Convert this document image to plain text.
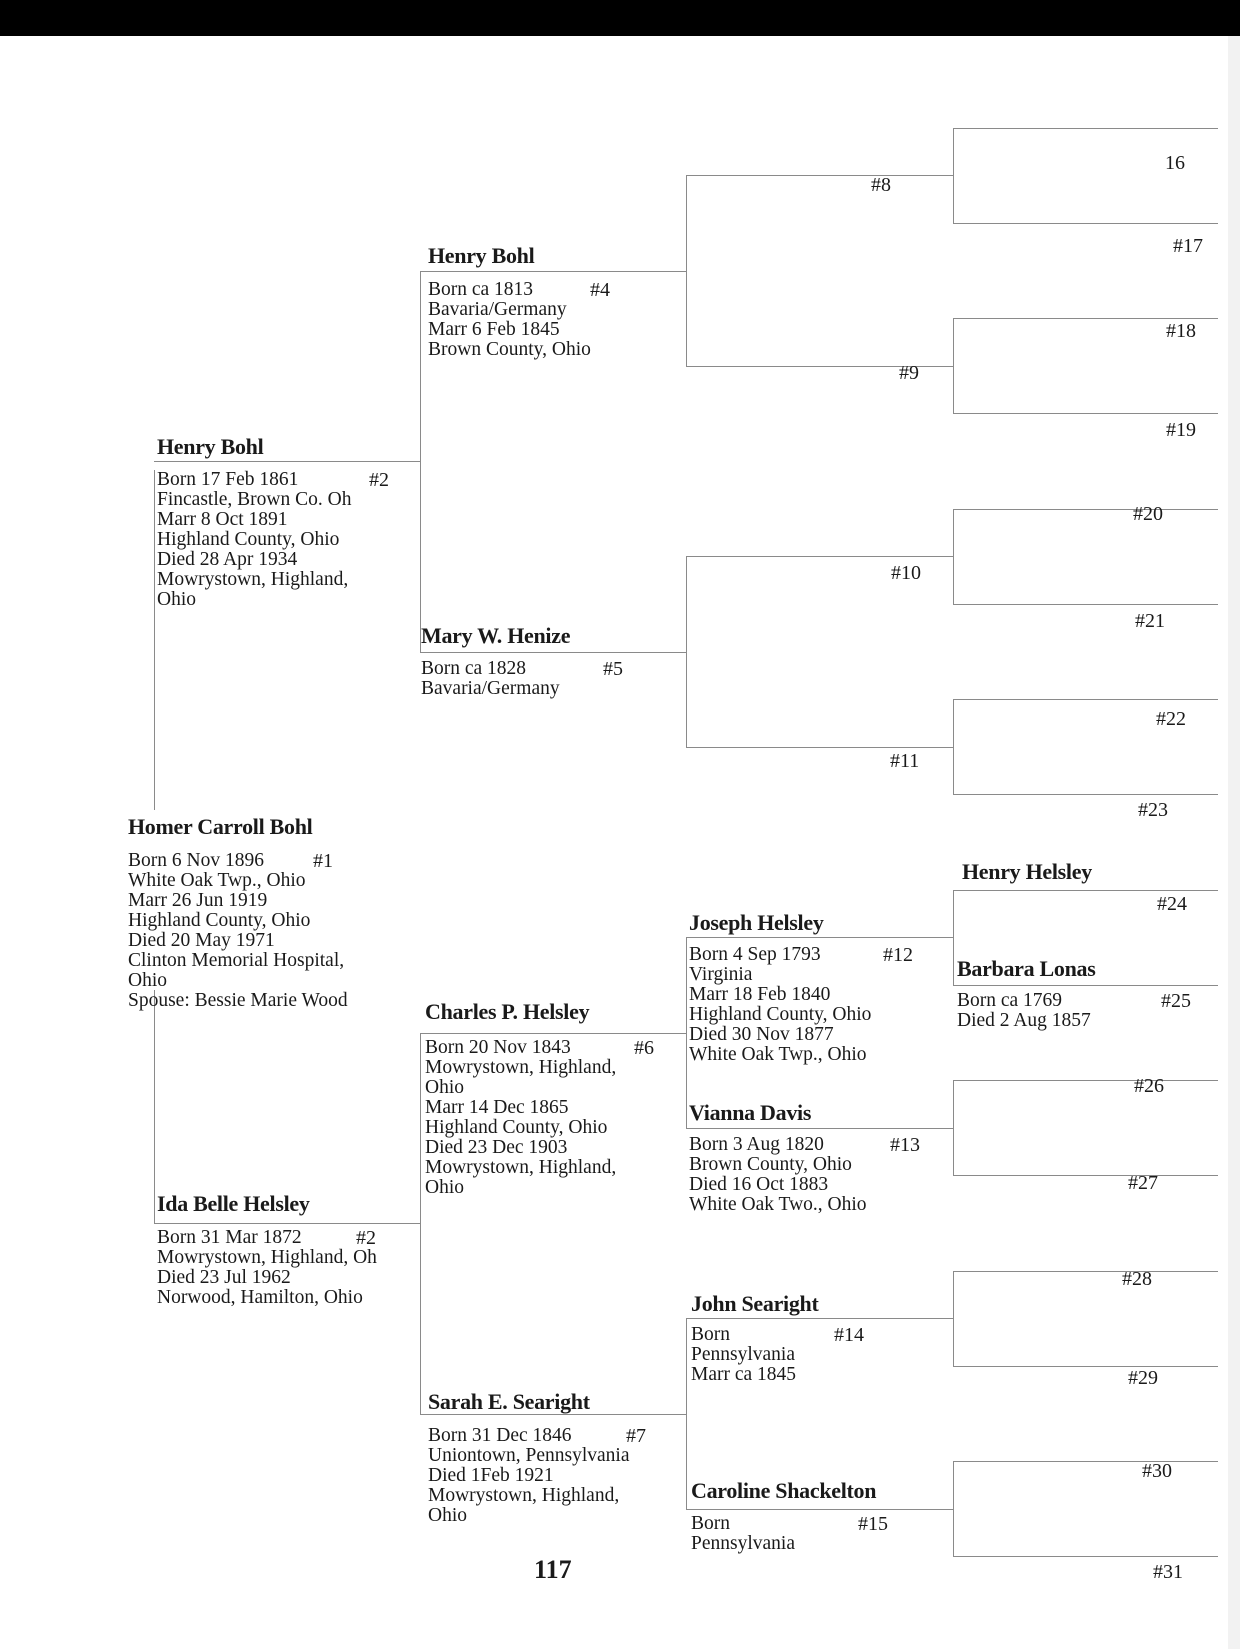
Homer Carroll Bohl
Born 6 Nov 1896
White Oak Twp., Ohio
Marr 26 Jun 1919
Highland County, Ohio
Died 20 May 1971
Clinton Memorial Hospital,
Ohio
Spouse: Bessie Marie Wood
#1
Henry Bohl
Born 17 Feb 1861
Fincastle, Brown Co. Oh
Marr 8 Oct 1891
Highland County, Ohio
Died 28 Apr 1934
Mowrystown, Highland,
Ohio
#2
Ida Belle Helsley
Born 31 Mar 1872
Mowrystown, Highland, Oh
Died 23 Jul 1962
Norwood, Hamilton, Ohio
#2
Henry Bohl
Born ca 1813
Bavaria/Germany
Marr 6 Feb 1845
Brown County, Ohio
#4
Mary W. Henize
Born ca 1828
Bavaria/Germany
#5
Charles P. Helsley
Born 20 Nov 1843
Mowrystown, Highland,
Ohio
Marr 14 Dec 1865
Highland County, Ohio
Died 23 Dec 1903
Mowrystown, Highland,
Ohio
#6
Sarah E. Searight
Born 31 Dec 1846
Uniontown, Pennsylvania
Died 1Feb 1921
Mowrystown, Highland,
Ohio
#7
Joseph Helsley
Born 4 Sep 1793
Virginia
Marr 18 Feb 1840
Highland County, Ohio
Died 30 Nov 1877
White Oak Twp., Ohio
#12
Vianna Davis
Born 3 Aug 1820
Brown County, Ohio
Died 16 Oct 1883
White Oak Two., Ohio
#13
John Searight
Born
Pennsylvania
Marr ca 1845
#14
Caroline Shackelton
Born
Pennsylvania
#15
Henry Helsley
#24
Barbara Lonas
Born ca 1769
Died 2 Aug 1857
#25
#8
#9
#10
#11
16
#17
#18
#19
#20
#21
#22
#23
#26
#27
#28
#29
#30
#31
117
